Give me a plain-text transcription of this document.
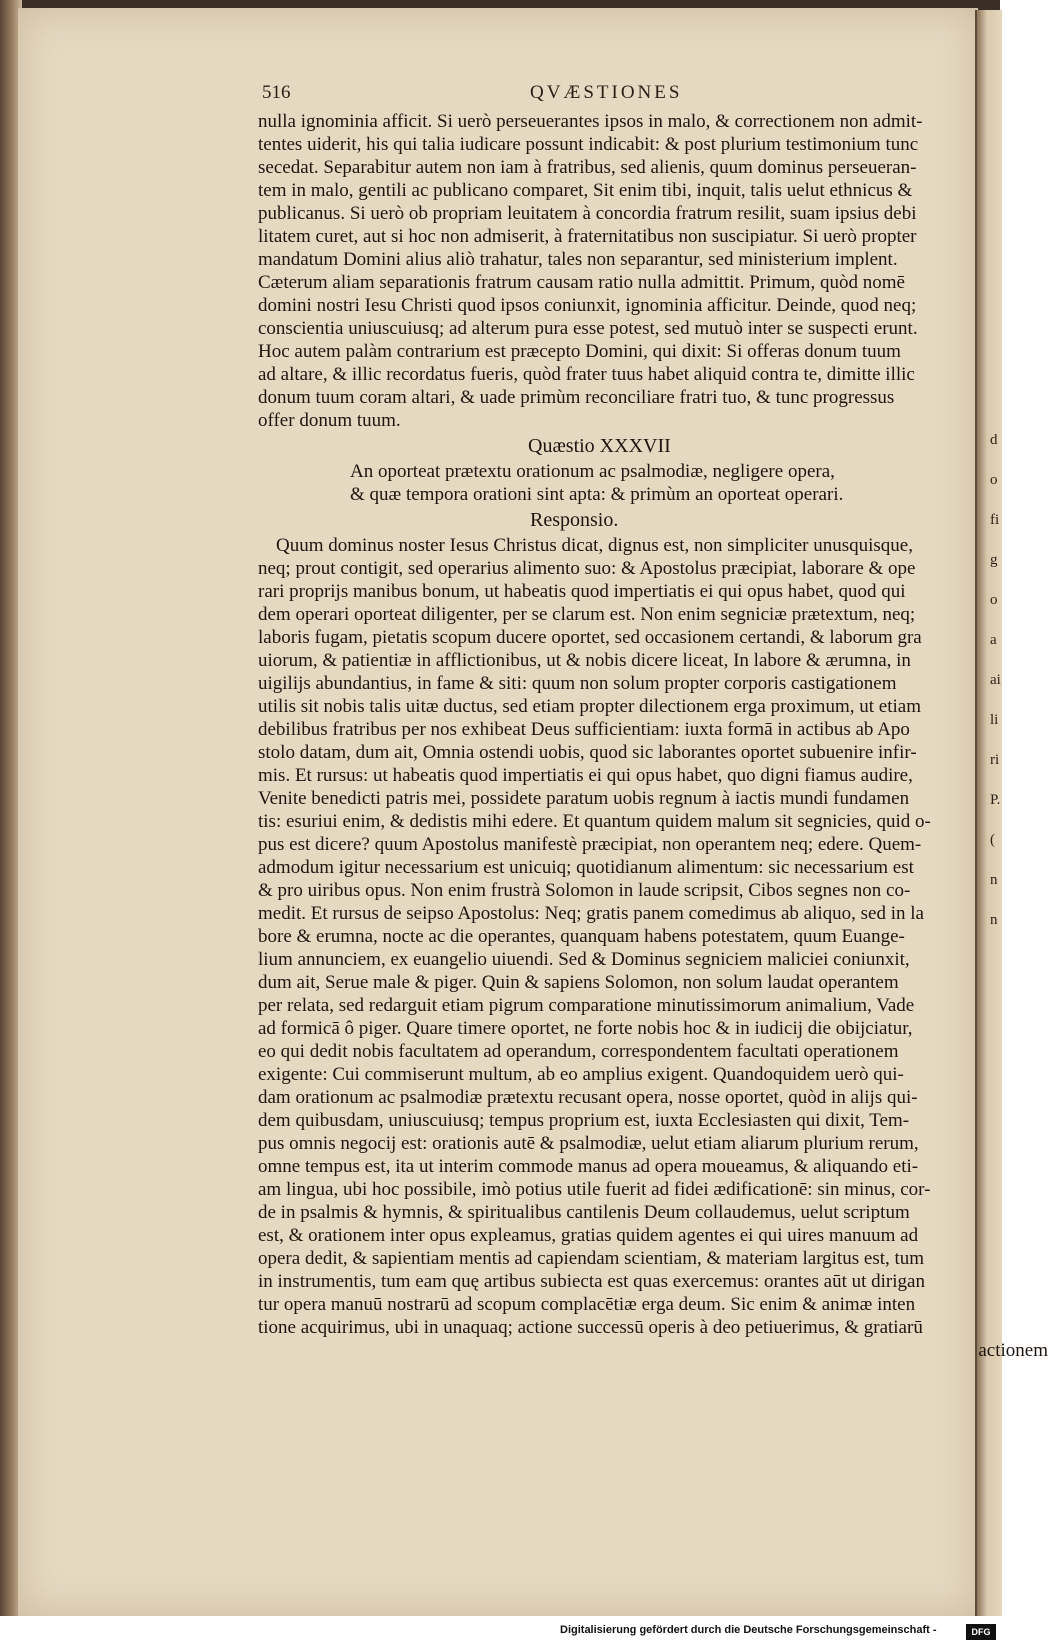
d
o
fi
g
o
a
ai
li
ri
P.
(
n
n
516	QVÆSTIONES
nulla ignominia afficit. Si uerò perseuerantes ipsos in malo, & correctionem non admit-
tentes uiderit, his qui talia iudicare possunt indicabit: & post plurium testimonium tunc
secedat. Separabitur autem non iam à fratribus, sed alienis, quum dominus perseueran-
tem in malo, gentili ac publicano comparet, Sit enim tibi, inquit, talis uelut ethnicus &
publicanus. Si uerò ob propriam leuitatem à concordia fratrum resilit, suam ipsius debi
litatem curet, aut si hoc non admiserit, à fraternitatibus non suscipiatur. Si uerò propter
mandatum Domini alius aliò trahatur, tales non separantur, sed ministerium implent.
Cæterum aliam separationis fratrum causam ratio nulla admittit. Primum, quòd nomē
domini nostri Iesu Christi quod ipsos coniunxit, ignominia afficitur. Deinde, quod neq;
conscientia uniuscuiusq; ad alterum pura esse potest, sed mutuò inter se suspecti erunt.
Hoc autem palàm contrarium est præcepto Domini, qui dixit: Si offeras donum tuum
ad altare, & illic recordatus fueris, quòd frater tuus habet aliquid contra te, dimitte illic
donum tuum coram altari, & uade primùm reconciliare fratri tuo, & tunc progressus
offer donum tuum.
Quæstio XXXVII
An oporteat prætextu orationum ac psalmodiæ, negligere opera,
& quæ tempora orationi sint apta: & primùm an oporteat operari.
Responsio.
Quum dominus noster Iesus Christus dicat, dignus est, non simpliciter unusquisque,
neq; prout contigit, sed operarius alimento suo: & Apostolus præcipiat, laborare & ope
rari proprijs manibus bonum, ut habeatis quod impertiatis ei qui opus habet, quod qui
dem operari oporteat diligenter, per se clarum est. Non enim segniciæ prætextum, neq;
laboris fugam, pietatis scopum ducere oportet, sed occasionem certandi, & laborum gra
uiorum, & patientiæ in afflictionibus, ut & nobis dicere liceat, In labore & ærumna, in
uigilijs abundantius, in fame & siti: quum non solum propter corporis castigationem
utilis sit nobis talis uitæ ductus, sed etiam propter dilectionem erga proximum, ut etiam
debilibus fratribus per nos exhibeat Deus sufficientiam: iuxta formā in actibus ab Apo
stolo datam, dum ait, Omnia ostendi uobis, quod sic laborantes oportet subuenire infir-
mis. Et rursus: ut habeatis quod impertiatis ei qui opus habet, quo digni fiamus audire,
Venite benedicti patris mei, possidete paratum uobis regnum à iactis mundi fundamen
tis: esuriui enim, & dedistis mihi edere. Et quantum quidem malum sit segnicies, quid o-
pus est dicere? quum Apostolus manifestè præcipiat, non operantem neq; edere. Quem-
admodum igitur necessarium est unicuiq; quotidianum alimentum: sic necessarium est
& pro uiribus opus. Non enim frustrà Solomon in laude scripsit, Cibos segnes non co-
medit. Et rursus de seipso Apostolus: Neq; gratis panem comedimus ab aliquo, sed in la
bore & erumna, nocte ac die operantes, quanquam habens potestatem, quum Euange-
lium annunciem, ex euangelio uiuendi. Sed & Dominus segniciem maliciei coniunxit,
dum ait, Serue male & piger. Quin & sapiens Solomon, non solum laudat operantem
per relata, sed redarguit etiam pigrum comparatione minutissimorum animalium, Vade
ad formicā ô piger. Quare timere oportet, ne forte nobis hoc & in iudicij die obijciatur,
eo qui dedit nobis facultatem ad operandum, correspondentem facultati operationem
exigente: Cui commiserunt multum, ab eo amplius exigent. Quandoquidem uerò qui-
dam orationum ac psalmodiæ prætextu recusant opera, nosse oportet, quòd in alijs qui-
dem quibusdam, uniuscuiusq; tempus proprium est, iuxta Ecclesiasten qui dixit, Tem-
pus omnis negocij est: orationis autē & psalmodiæ, uelut etiam aliarum plurium rerum,
omne tempus est, ita ut interim commode manus ad opera moueamus, & aliquando eti-
am lingua, ubi hoc possibile, imò potius utile fuerit ad fidei ædificationē: sin minus, cor-
de in psalmis & hymnis, & spiritualibus cantilenis Deum collaudemus, uelut scriptum
est, & orationem inter opus expleamus, gratias quidem agentes ei qui uires manuum ad
opera dedit, & sapientiam mentis ad capiendam scientiam, & materiam largitus est, tum
in instrumentis, tum eam quę artibus subiecta est quas exercemus: orantes aūt ut dirigan
tur opera manuū nostrarū ad scopum complacētiæ erga deum. Sic enim & animæ inten
tione acquirimus, ubi in unaquaq; actione successū operis à deo petiuerimus, & gratiarū
actionem
Digitalisierung gefördert durch die Deutsche Forschungsgemeinschaft -	DFG
